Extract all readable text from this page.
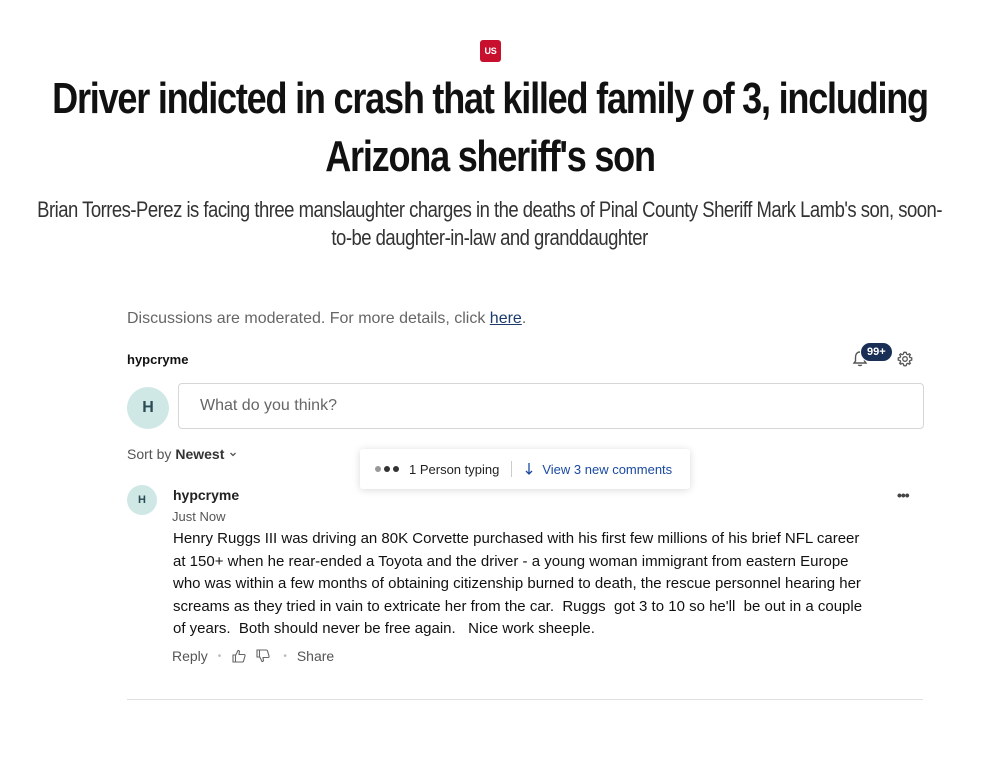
US
Driver indicted in crash that killed family of 3, including Arizona sheriff's son

Brian Torres-Perez is facing three manslaughter charges in the deaths of Pinal County Sheriff Mark Lamb's son, soon-to-be daughter-in-law and granddaughter

Discussions are moderated. For more details, click here.
hypcryme	99+
H
What do you think?
Sort by Newest
1 Person typing	View 3 new comments
H	hypcryme
Just Now
•••
Henry Ruggs III was driving an 80K Corvette purchased with his first few millions of his brief NFL career at 150+ when he rear-ended a Toyota and the driver - a young woman immigrant from eastern Europe who was within a few months of obtaining citizenship burned to death, the rescue personnel hearing her screams as they tried in vain to extricate her from the car.  Ruggs  got 3 to 10 so he'll  be out in a couple of years.  Both should never be free again.   Nice work sheeple.
Reply •	• Share
